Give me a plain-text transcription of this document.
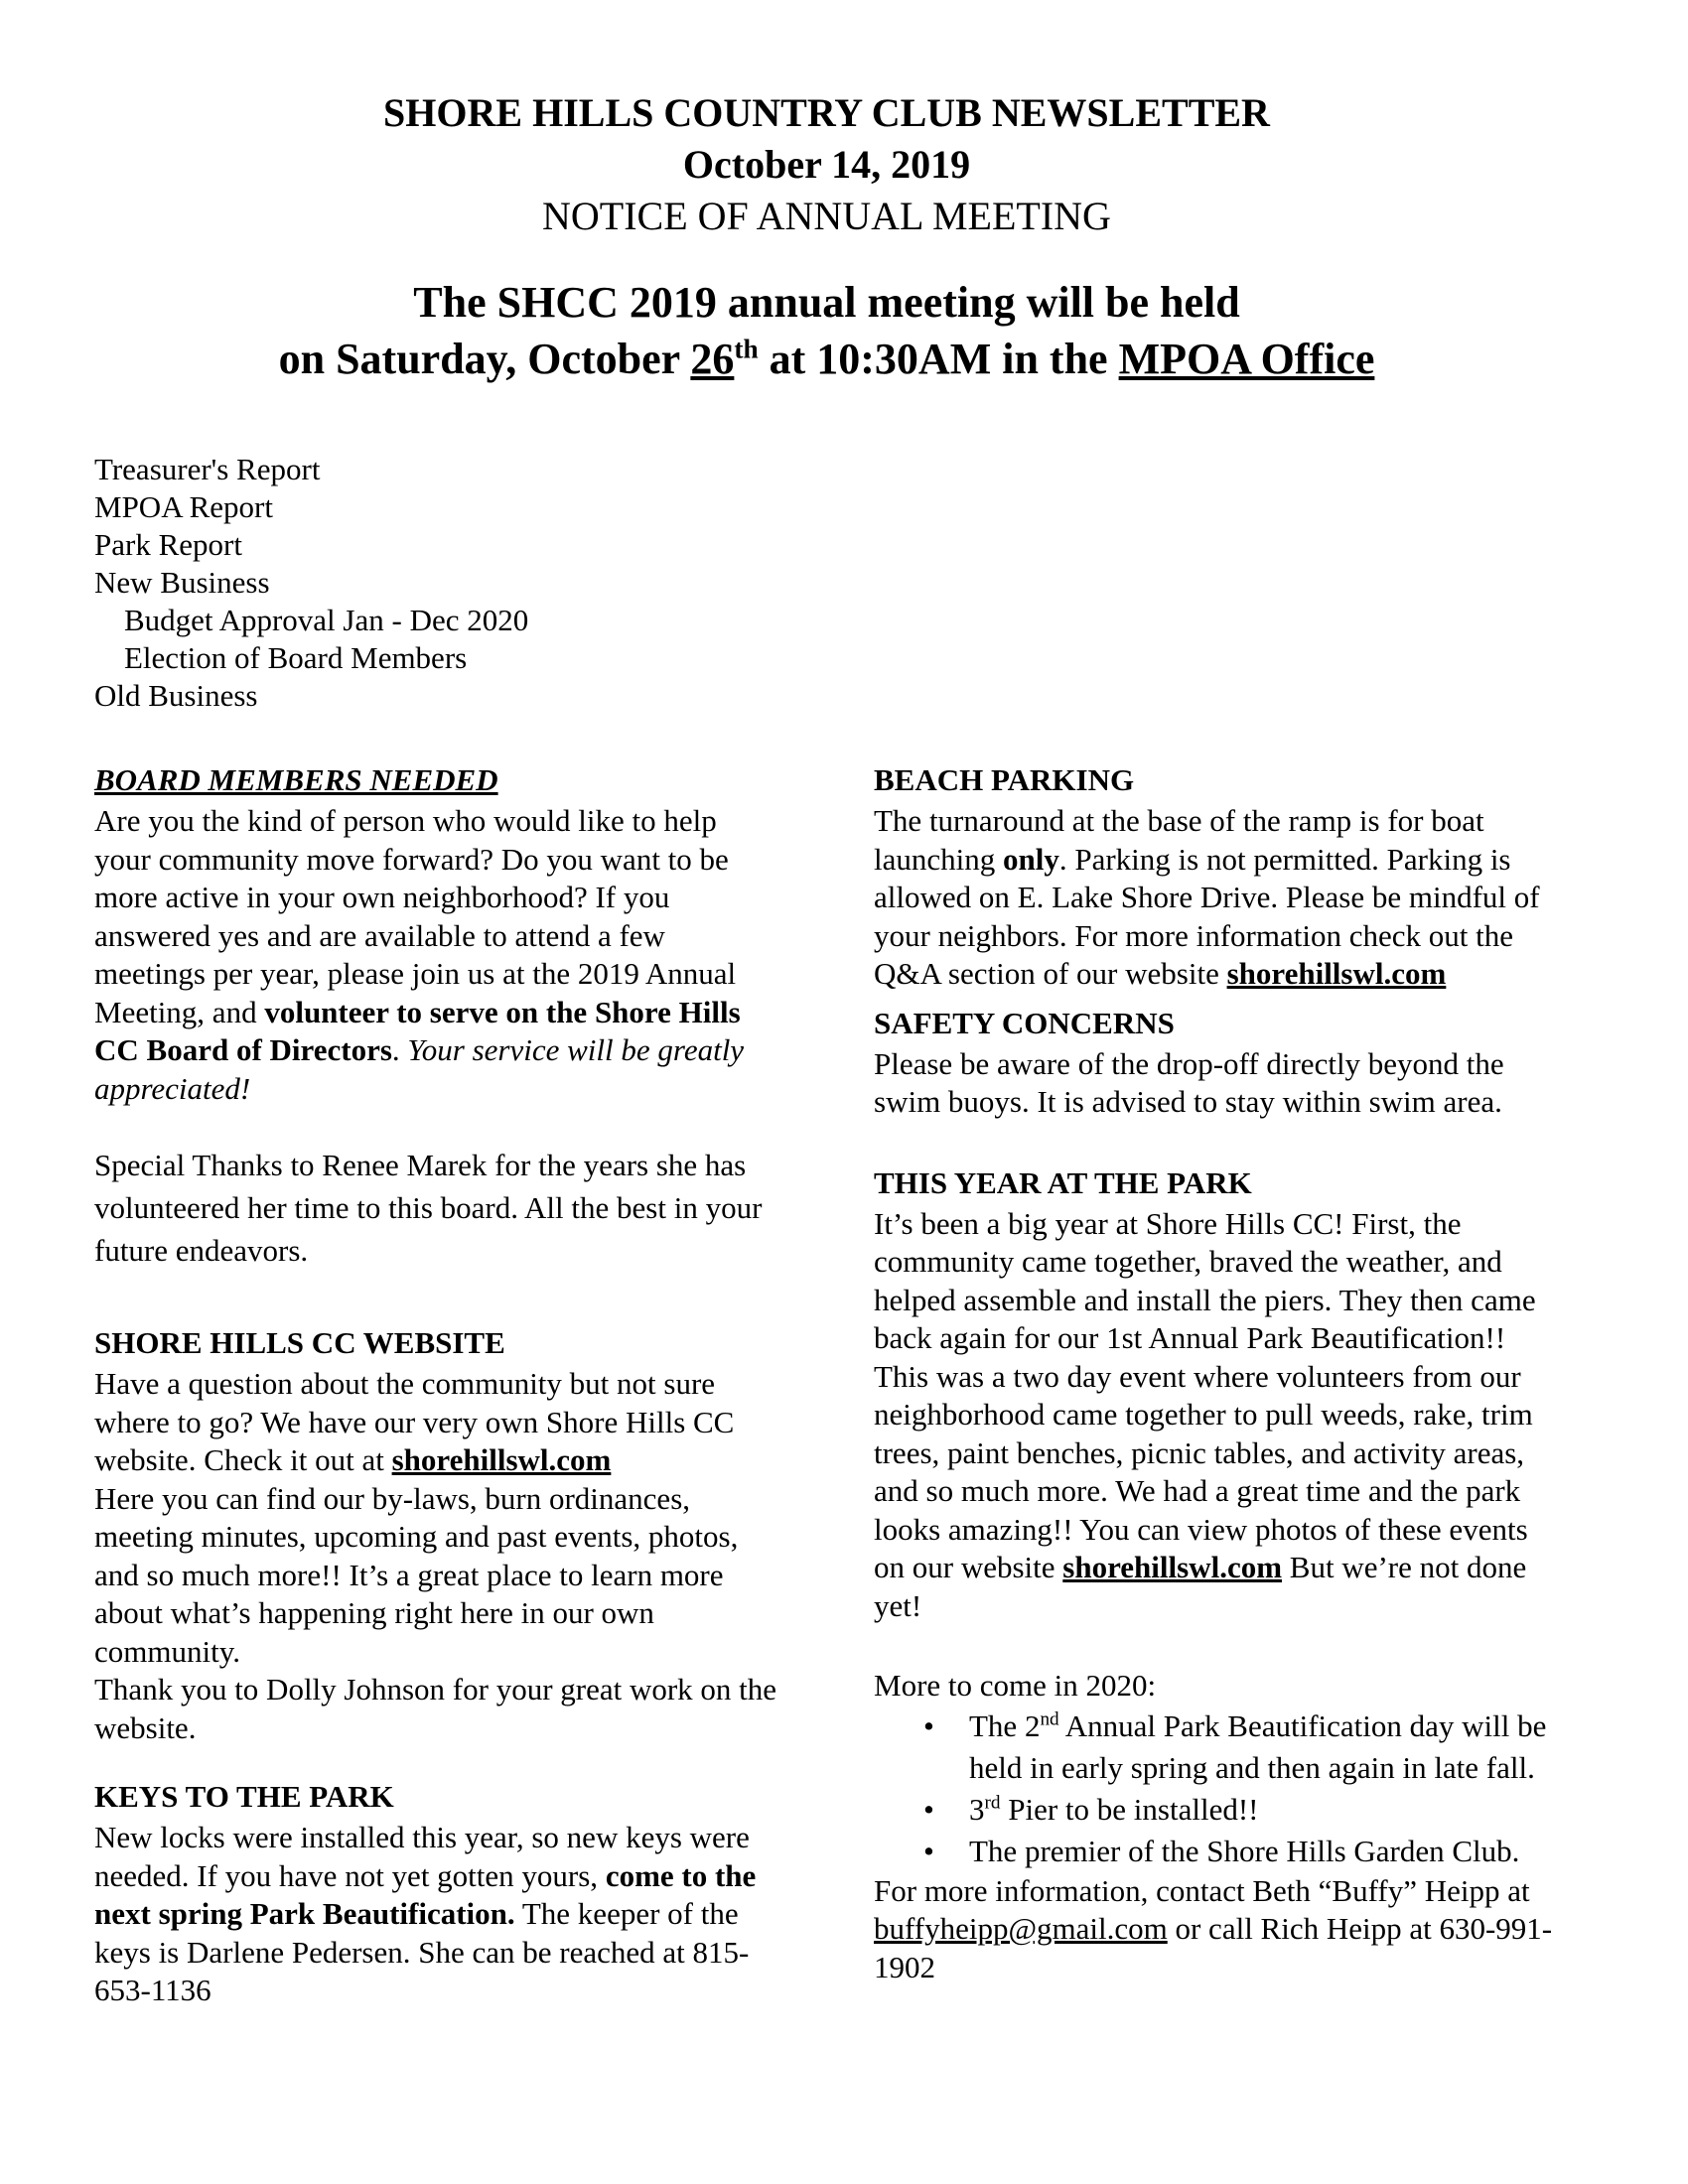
SHORE HILLS COUNTRY CLUB NEWSLETTER
October 14, 2019
NOTICE OF ANNUAL MEETING
The SHCC 2019 annual meeting will be held
on Saturday, October 26th at 10:30AM in the MPOA Office
Treasurer's Report
MPOA Report
Park Report
New Business
Budget Approval Jan - Dec 2020
Election of Board Members
Old Business
BOARD MEMBERS NEEDED

Are you the kind of person who would like to help your community move forward? Do you want to be more active in your own neighborhood? If you answered yes and are available to attend a few meetings per year, please join us at the 2019 Annual Meeting, and volunteer to serve on the Shore Hills CC Board of Directors. Your service will be greatly appreciated!

Special Thanks to Renee Marek for the years she has volunteered her time to this board. All the best in your future endeavors.

SHORE HILLS CC WEBSITE

Have a question about the community but not sure where to go? We have our very own Shore Hills CC website. Check it out at shorehillswl.com

Here you can find our by-laws, burn ordinances, meeting minutes, upcoming and past events, photos, and so much more!! It’s a great place to learn more about what’s happening right here in our own community.

Thank you to Dolly Johnson for your great work on the website.

KEYS TO THE PARK

New locks were installed this year, so new keys were needed. If you have not yet gotten yours, come to the next spring Park Beautification. The keeper of the keys is Darlene Pedersen. She can be reached at 815-653-1136

BEACH PARKING

The turnaround at the base of the ramp is for boat launching only. Parking is not permitted. Parking is allowed on E. Lake Shore Drive. Please be mindful of your neighbors. For more information check out the Q&A section of our website shorehillswl.com

SAFETY CONCERNS

Please be aware of the drop-off directly beyond the swim buoys. It is advised to stay within swim area.

THIS YEAR AT THE PARK

It’s been a big year at Shore Hills CC! First, the community came together, braved the weather, and helped assemble and install the piers. They then came back again for our 1st Annual Park Beautification!! This was a two day event where volunteers from our neighborhood came together to pull weeds, rake, trim trees, paint benches, picnic tables, and activity areas, and so much more. We had a great time and the park looks amazing!! You can view photos of these events on our website shorehillswl.com But we’re not done yet!

More to come in 2020:

•	The 2nd Annual Park Beautification day will be held in early spring and then again in late fall.
•	3rd Pier to be installed!!
•	The premier of the Shore Hills Garden Club.

For more information, contact Beth “Buffy” Heipp at buffyheipp@gmail.com or call Rich Heipp at 630-991-1902
